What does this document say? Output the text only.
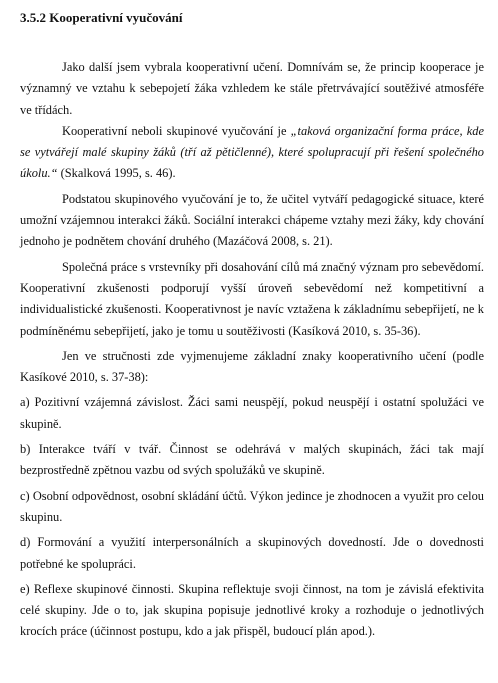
3.5.2 Kooperativní vyučování

Jako další jsem vybrala kooperativní učení. Domnívám se, že princip kooperace je významný ve vztahu k sebepojetí žáka vzhledem ke stále přetrvávající soutěživé atmosféře ve třídách.

Kooperativní neboli skupinové vyučování je „taková organizační forma práce, kde se vytvářejí malé skupiny žáků (tří až pětičlenné), které spolupracují při řešení společného úkolu.“ (Skalková 1995, s. 46).

Podstatou skupinového vyučování je to, že učitel vytváří pedagogické situace, které umožní vzájemnou interakci žáků. Sociální interakci chápeme vztahy mezi žáky, kdy chování jednoho je podnětem chování druhého (Mazáčová 2008, s. 21).

Společná práce s vrstevníky při dosahování cílů má značný význam pro sebevědomí. Kooperativní zkušenosti podporují vyšší úroveň sebevědomí než kompetitivní a individualistické zkušenosti. Kooperativnost je navíc vztažena k základnímu sebepřijetí, ne k podmíněnému sebepřijetí, jako je tomu u soutěživosti (Kasíková 2010, s. 35-36).

Jen ve stručnosti zde vyjmenujeme základní znaky kooperativního učení (podle Kasíkové 2010, s. 37-38):

a) Pozitivní vzájemná závislost. Žáci sami neuspějí, pokud neuspějí i ostatní spolužáci ve skupině.

b) Interakce tváří v tvář. Činnost se odehrává v malých skupinách, žáci tak mají bezprostředně zpětnou vazbu od svých spolužáků ve skupině.

c) Osobní odpovědnost, osobní skládání účtů. Výkon jedince je zhodnocen a využit pro celou skupinu.

d) Formování a využití interpersonálních a skupinových dovedností. Jde o dovednosti potřebné ke spolupráci.

e) Reflexe skupinové činnosti. Skupina reflektuje svoji činnost, na tom je závislá efektivita celé skupiny. Jde o to, jak skupina popisuje jednotlivé kroky a rozhoduje o jednotlivých krocích práce (účinnost postupu, kdo a jak přispěl, budoucí plán apod.).
